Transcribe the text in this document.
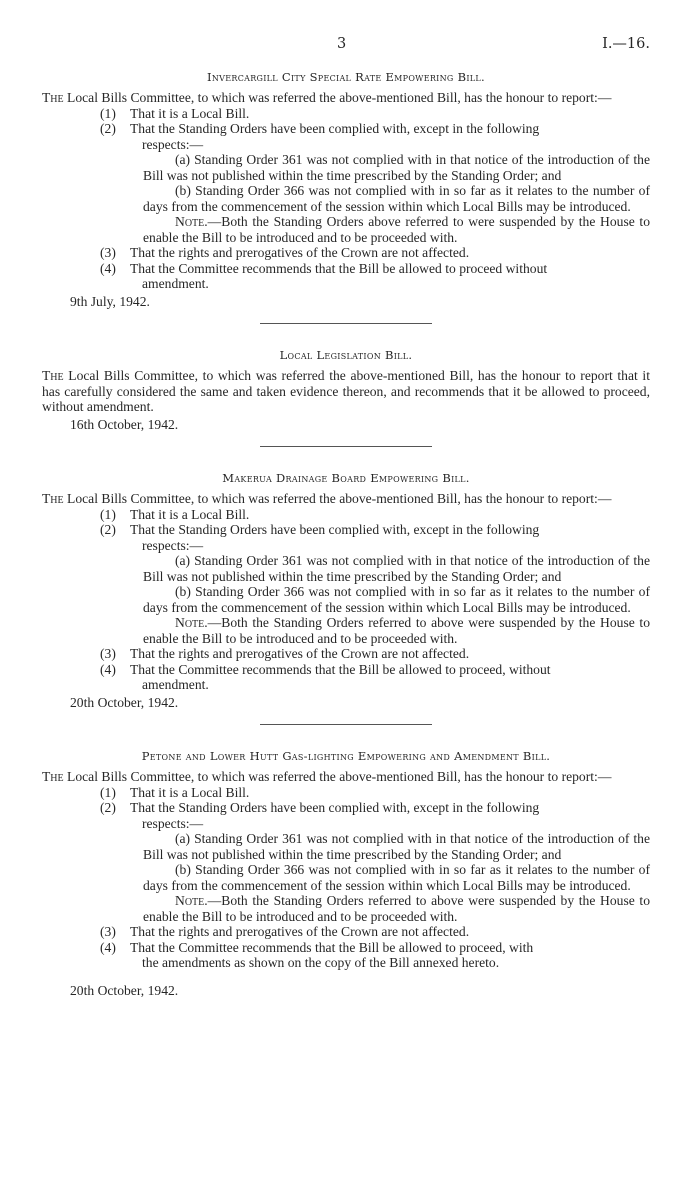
3	I.—16.
Invercargill City Special Rate Empowering Bill.

The Local Bills Committee, to which was referred the above-mentioned Bill, has the honour to report:—

(1) That it is a Local Bill.
(2) That the Standing Orders have been complied with, except in the following
respects:—

(a) Standing Order 361 was not complied with in that notice of the introduction of the Bill was not published within the time prescribed by the Standing Order; and

(b) Standing Order 366 was not complied with in so far as it relates to the number of days from the commencement of the session within which Local Bills may be introduced.

Note.—Both the Standing Orders above referred to were suspended by the House to enable the Bill to be introduced and to be proceeded with.

(3) That the rights and prerogatives of the Crown are not affected.
(4) That the Committee recommends that the Bill be allowed to proceed without
amendment.

9th July, 1942.

Local Legislation Bill.

The Local Bills Committee, to which was referred the above-mentioned Bill, has the honour to report that it has carefully considered the same and taken evidence thereon, and recommends that it be allowed to proceed, without amendment.

16th October, 1942.

Makerua Drainage Board Empowering Bill.

The Local Bills Committee, to which was referred the above-mentioned Bill, has the honour to report:—

(1) That it is a Local Bill.
(2) That the Standing Orders have been complied with, except in the following
respects:—

(a) Standing Order 361 was not complied with in that notice of the introduction of the Bill was not published within the time prescribed by the Standing Order; and

(b) Standing Order 366 was not complied with in so far as it relates to the number of days from the commencement of the session within which Local Bills may be introduced.

Note.—Both the Standing Orders referred to above were suspended by the House to enable the Bill to be introduced and to be proceeded with.

(3) That the rights and prerogatives of the Crown are not affected.
(4) That the Committee recommends that the Bill be allowed to proceed, without
amendment.

20th October, 1942.

Petone and Lower Hutt Gas-lighting Empowering and Amendment Bill.

The Local Bills Committee, to which was referred the above-mentioned Bill, has the honour to report:—

(1) That it is a Local Bill.
(2) That the Standing Orders have been complied with, except in the following
respects:—

(a) Standing Order 361 was not complied with in that notice of the introduction of the Bill was not published within the time prescribed by the Standing Order; and

(b) Standing Order 366 was not complied with in so far as it relates to the number of days from the commencement of the session within which Local Bills may be introduced.

Note.—Both the Standing Orders referred to above were suspended by the House to enable the Bill to be introduced and to be proceeded with.

(3) That the rights and prerogatives of the Crown are not affected.
(4) That the Committee recommends that the Bill be allowed to proceed, with
the amendments as shown on the copy of the Bill annexed hereto.

20th October, 1942.
